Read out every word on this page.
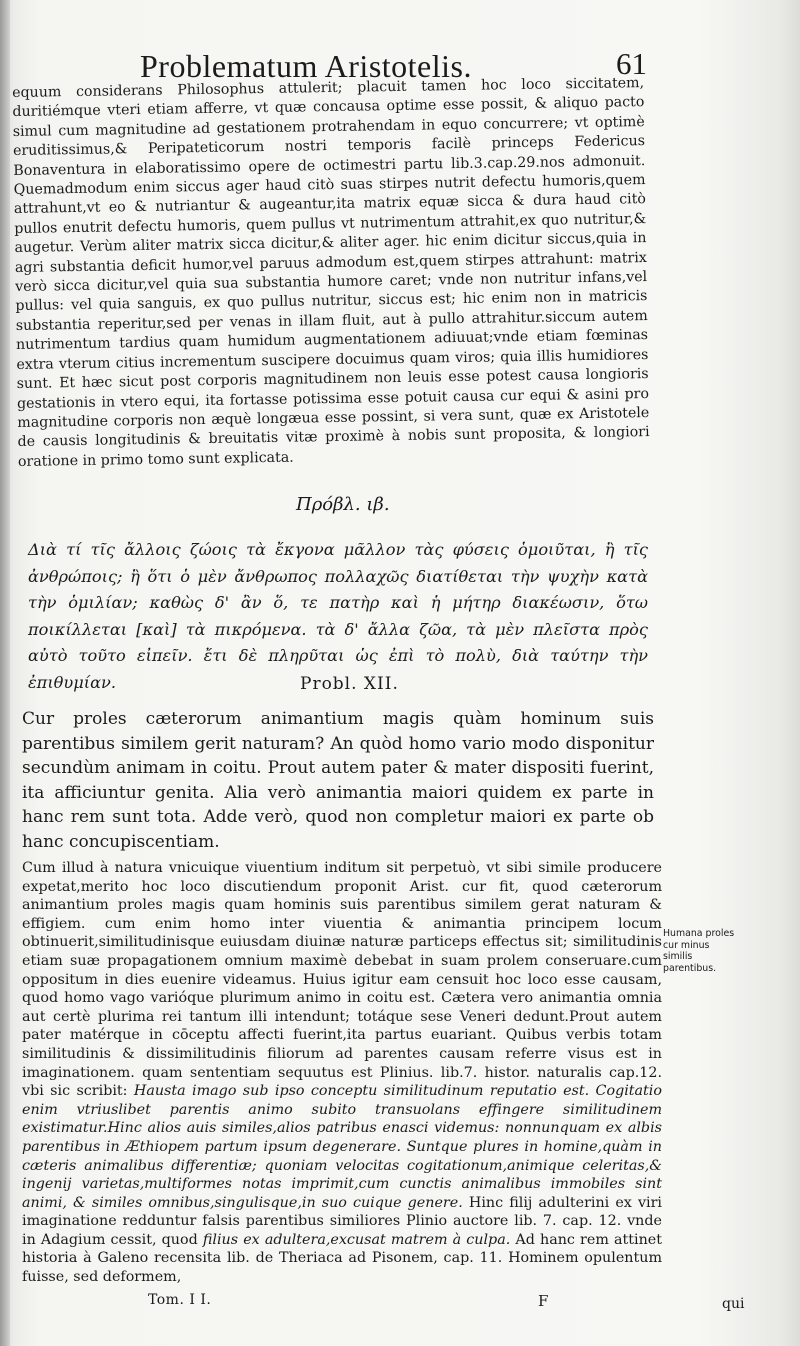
Problematum Aristotelis.	61
equum considerans Philosophus attulerit; placuit tamen hoc loco siccitatem, duritiémque vteri etiam afferre, vt quæ concausa optime esse possit, & aliquo pacto simul cum magnitudine ad gestationem protrahendam in equo concurrere; vt optimè eruditissimus,& Peripateticorum nostri temporis facilè princeps Federicus Bonaventura in elaboratissimo opere de octimestri partu lib.3.cap.29.nos admonuit. Quemadmodum enim siccus ager haud citò suas stirpes nutrit defectu humoris,quem attrahunt,vt eo & nutriantur & augeantur,ita matrix equæ sicca & dura haud citò pullos enutrit defectu humoris, quem pullus vt nutrimentum attrahit,ex quo nutritur,& augetur. Verùm aliter matrix sicca dicitur,& aliter ager. hic enim dicitur siccus,quia in agri substantia deficit humor,vel paruus admodum est,quem stirpes attrahunt: matrix verò sicca dicitur,vel quia sua substantia humore caret; vnde non nutritur infans,vel pullus: vel quia sanguis, ex quo pullus nutritur, siccus est; hic enim non in matricis substantia reperitur,sed per venas in illam fluit, aut à pullo attrahitur.siccum autem nutrimentum tardius quam humidum augmentationem adiuuat;vnde etiam fœminas extra vterum citius incrementum suscipere docuimus quam viros; quia illis humidiores sunt. Et hæc sicut post corporis magnitudinem non leuis esse potest causa longioris gestationis in vtero equi, ita fortasse potissima esse potuit causa cur equi & asini pro magnitudine corporis non æquè longæua esse possint, si vera sunt, quæ ex Aristotele de causis longitudinis & breuitatis vitæ proximè à nobis sunt proposita, & longiori oratione in primo tomo sunt explicata.
Πρόβλ. ιβ.
Διὰ τί τῖς ἄλλοις ζώοις τὰ ἔκγονα μᾶλλον τὰς φύσεις ὁμοιῦται, ἢ τῖς ἀνθρώποις; ἢ ὅτι ὁ μὲν ἄνθρωπος πολλαχῶς διατίθεται τὴν ψυχὴν κατὰ τὴν ὁμιλίαν; καθὼς δ' ἂν ὅ, τε πατὴρ καὶ ἡ μήτηρ διακέωσιν, ὅτω ποικίλλεται [καὶ] τὰ πικρόμενα. τὰ δ' ἄλλα ζῶα, τὰ μὲν πλεῖστα πρὸς αὐτὸ τοῦτο εἰπεῖν. ἔτι δὲ πληρῦται ὡς ἐπὶ τὸ πολὺ, διὰ ταύτην τὴν ἐπιθυμίαν.	Probl. XII.
Cur proles cæterorum animantium magis quàm hominum suis parentibus similem gerit naturam? An quòd homo vario modo disponitur secundùm animam in coitu. Prout autem pater & mater dispositi fuerint, ita afficiuntur genita. Alia verò animantia maiori quidem ex parte in hanc rem sunt tota. Adde verò, quod non completur maiori ex parte ob hanc concupiscentiam.
Cum illud à natura vnicuique viuentium inditum sit perpetuò, vt sibi simile producere expetat,merito hoc loco discutiendum proponit Arist. cur fit, quod cæterorum animantium proles magis quam hominis suis parentibus similem gerat naturam & effigiem. cum enim homo inter viuentia & animantia principem locum obtinuerit,similitudinisque euiusdam diuinæ naturæ particeps effectus sit; similitudinis etiam suæ propagationem omnium maximè debebat in suam prolem conseruare.cum oppositum in dies euenire videamus. Huius igitur eam censuit hoc loco esse causam, quod homo vago varióque plurimum animo in coitu est. Cætera vero animantia omnia aut certè plurima rei tantum illi intendunt; totáque sese Veneri dedunt.Prout autem pater matérque in cōceptu affecti fuerint,ita partus euariant. Quibus verbis totam similitudinis & dissimilitudinis filiorum ad parentes causam referre visus est in imaginationem. quam sententiam sequutus est Plinius. lib.7. histor. naturalis cap.12. vbi sic scribit: Hausta imago sub ipso conceptu similitudinum reputatio est. Cogitatio enim vtriuslibet parentis animo subito transuolans effingere similitudinem existimatur.Hinc alios auis similes,alios patribus enasci videmus: nonnunquam ex albis parentibus in Æthiopem partum ipsum degenerare. Suntque plures in homine,quàm in cæteris animalibus differentiæ; quoniam velocitas cogitationum,animique celeritas,& ingenij varietas,multiformes notas imprimit,cum cunctis animalibus immobiles sint animi, & similes omnibus,singulisque,in suo cuique genere. Hinc filij adulterini ex viri imaginatione redduntur falsis parentibus similiores Plinio auctore lib. 7. cap. 12. vnde in Adagium cessit, quod filius ex adultera,excusat matrem à culpa. Ad hanc rem attinet historia à Galeno recensita lib. de Theriaca ad Pisonem, cap. 11. Hominem opulentum fuisse, sed deformem,
Humana proles cur minus similis parentibus.
Tom. I I.	F	qui
